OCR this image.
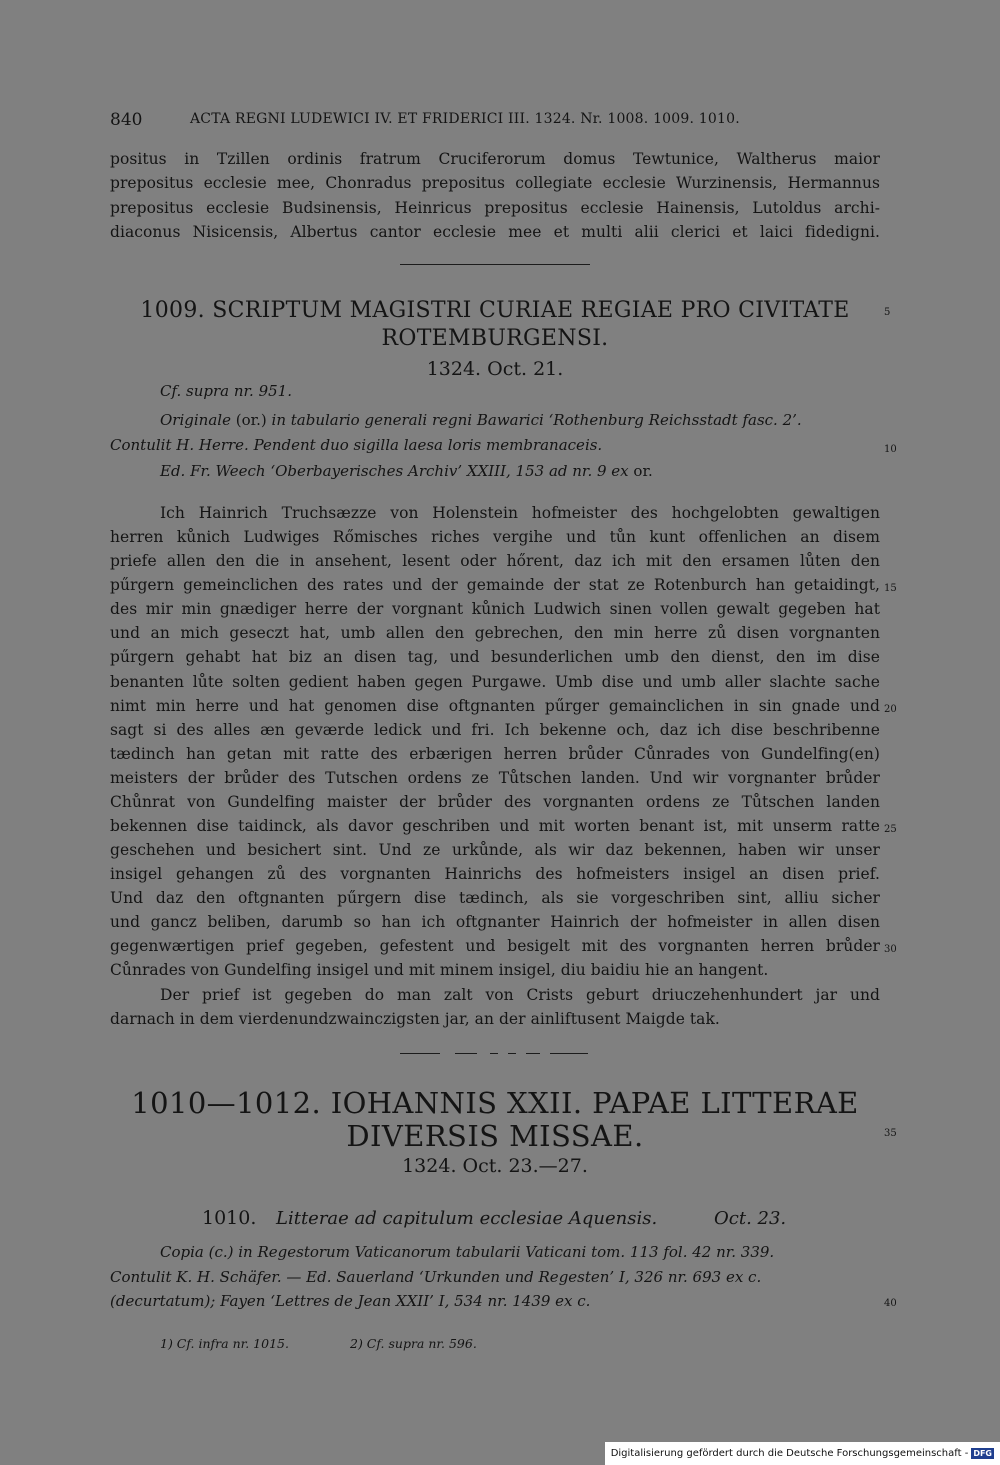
840	ACTA REGNI LUDEWICI IV. ET FRIDERICI III. 1324. Nr. 1008. 1009. 1010.
positus in Tzillen ordinis fratrum Cruciferorum domus Tewtunice, Waltherus maior
prepositus ecclesie mee, Chonradus prepositus collegiate ecclesie Wurzinensis, Hermannus
prepositus ecclesie Budsinensis, Heinricus prepositus ecclesie Hainensis, Lutoldus archi-
diaconus Nisicensis, Albertus cantor ecclesie mee et multi alii clerici et laici fidedigni.
1009. SCRIPTUM MAGISTRI CURIAE REGIAE PRO CIVITATE	5
ROTEMBURGENSI.
1324. Oct. 21.
Cf. supra nr. 951.
Originale (or.) in tabulario generali regni Bawarici ‘Rothenburg Reichsstadt fasc. 2’.
Contulit H. Herre. Pendent duo sigilla laesa loris membranaceis.	10
Ed. Fr. Weech ‘Oberbayerisches Archiv’ XXIII, 153 ad nr. 9 ex or.
Ich Hainrich Truchsæzze von Holenstein hofmeister des hochgelobten gewaltigen
herren kůnich Ludwiges Rőmisches riches vergihe und tůn kunt offenlichen an disem
priefe allen den die in ansehent, lesent oder hőrent, daz ich mit den ersamen lůten den
pűrgern gemeinclichen des rates und der gemainde der stat ze Rotenburch han getaidingt, 15
des mir min gnædiger herre der vorgnant kůnich Ludwich sinen vollen gewalt gegeben hat
und an mich geseczt hat, umb allen den gebrechen, den min herre zů disen vorgnanten
pűrgern gehabt hat biz an disen tag, und besunderlichen umb den dienst, den im dise
benanten lůte solten gedient haben gegen Purgawe. Umb dise und umb aller slachte sache
nimt min herre und hat genomen dise oftgnanten pűrger gemainclichen in sin gnade und 20
sagt si des alles æn geværde ledick und fri. Ich bekenne och, daz ich dise beschribenne
tædinch han getan mit ratte des erbærigen herren brůder Cůnrades von Gundelfing(en)
meisters der brůder des Tutschen ordens ze Tůtschen landen. Und wir vorgnanter brůder
Chůnrat von Gundelfing maister der brůder des vorgnanten ordens ze Tůtschen landen
bekennen dise taidinck, als davor geschriben und mit worten benant ist, mit unserm ratte 25
geschehen und besichert sint. Und ze urkůnde, als wir daz bekennen, haben wir unser
insigel gehangen zů des vorgnanten Hainrichs des hofmeisters insigel an disen prief.
Und daz den oftgnanten pűrgern dise tædinch, als sie vorgeschriben sint, alliu sicher
und gancz beliben, darumb so han ich oftgnanter Hainrich der hofmeister in allen disen
gegenwærtigen prief gegeben, gefestent und besigelt mit des vorgnanten herren brůder 30
Cůnrades von Gundelfing insigel und mit minem insigel, diu baidiu hie an hangent.
Der prief ist gegeben do man zalt von Crists geburt driuczehenhundert jar und
darnach in dem vierdenundzwainczigsten jar, an der ainliftusent Maigde tak.
1010—1012. IOHANNIS XXII. PAPAE LITTERAE
DIVERSIS MISSAE.	35
1324. Oct. 23.—27.
1010. Litterae ad capitulum ecclesiae Aquensis.	Oct. 23.
Copia (c.) in Regestorum Vaticanorum tabularii Vaticani tom. 113 fol. 42 nr. 339.
Contulit K. H. Schäfer. — Ed. Sauerland ‘Urkunden und Regesten’ I, 326 nr. 693 ex c.
(decurtatum); Fayen ‘Lettres de Jean XXII’ I, 534 nr. 1439 ex c.	40
1) Cf. infra nr. 1015.	2) Cf. supra nr. 596.
Digitalisierung gefördert durch die Deutsche Forschungsgemeinschaft - DFG
